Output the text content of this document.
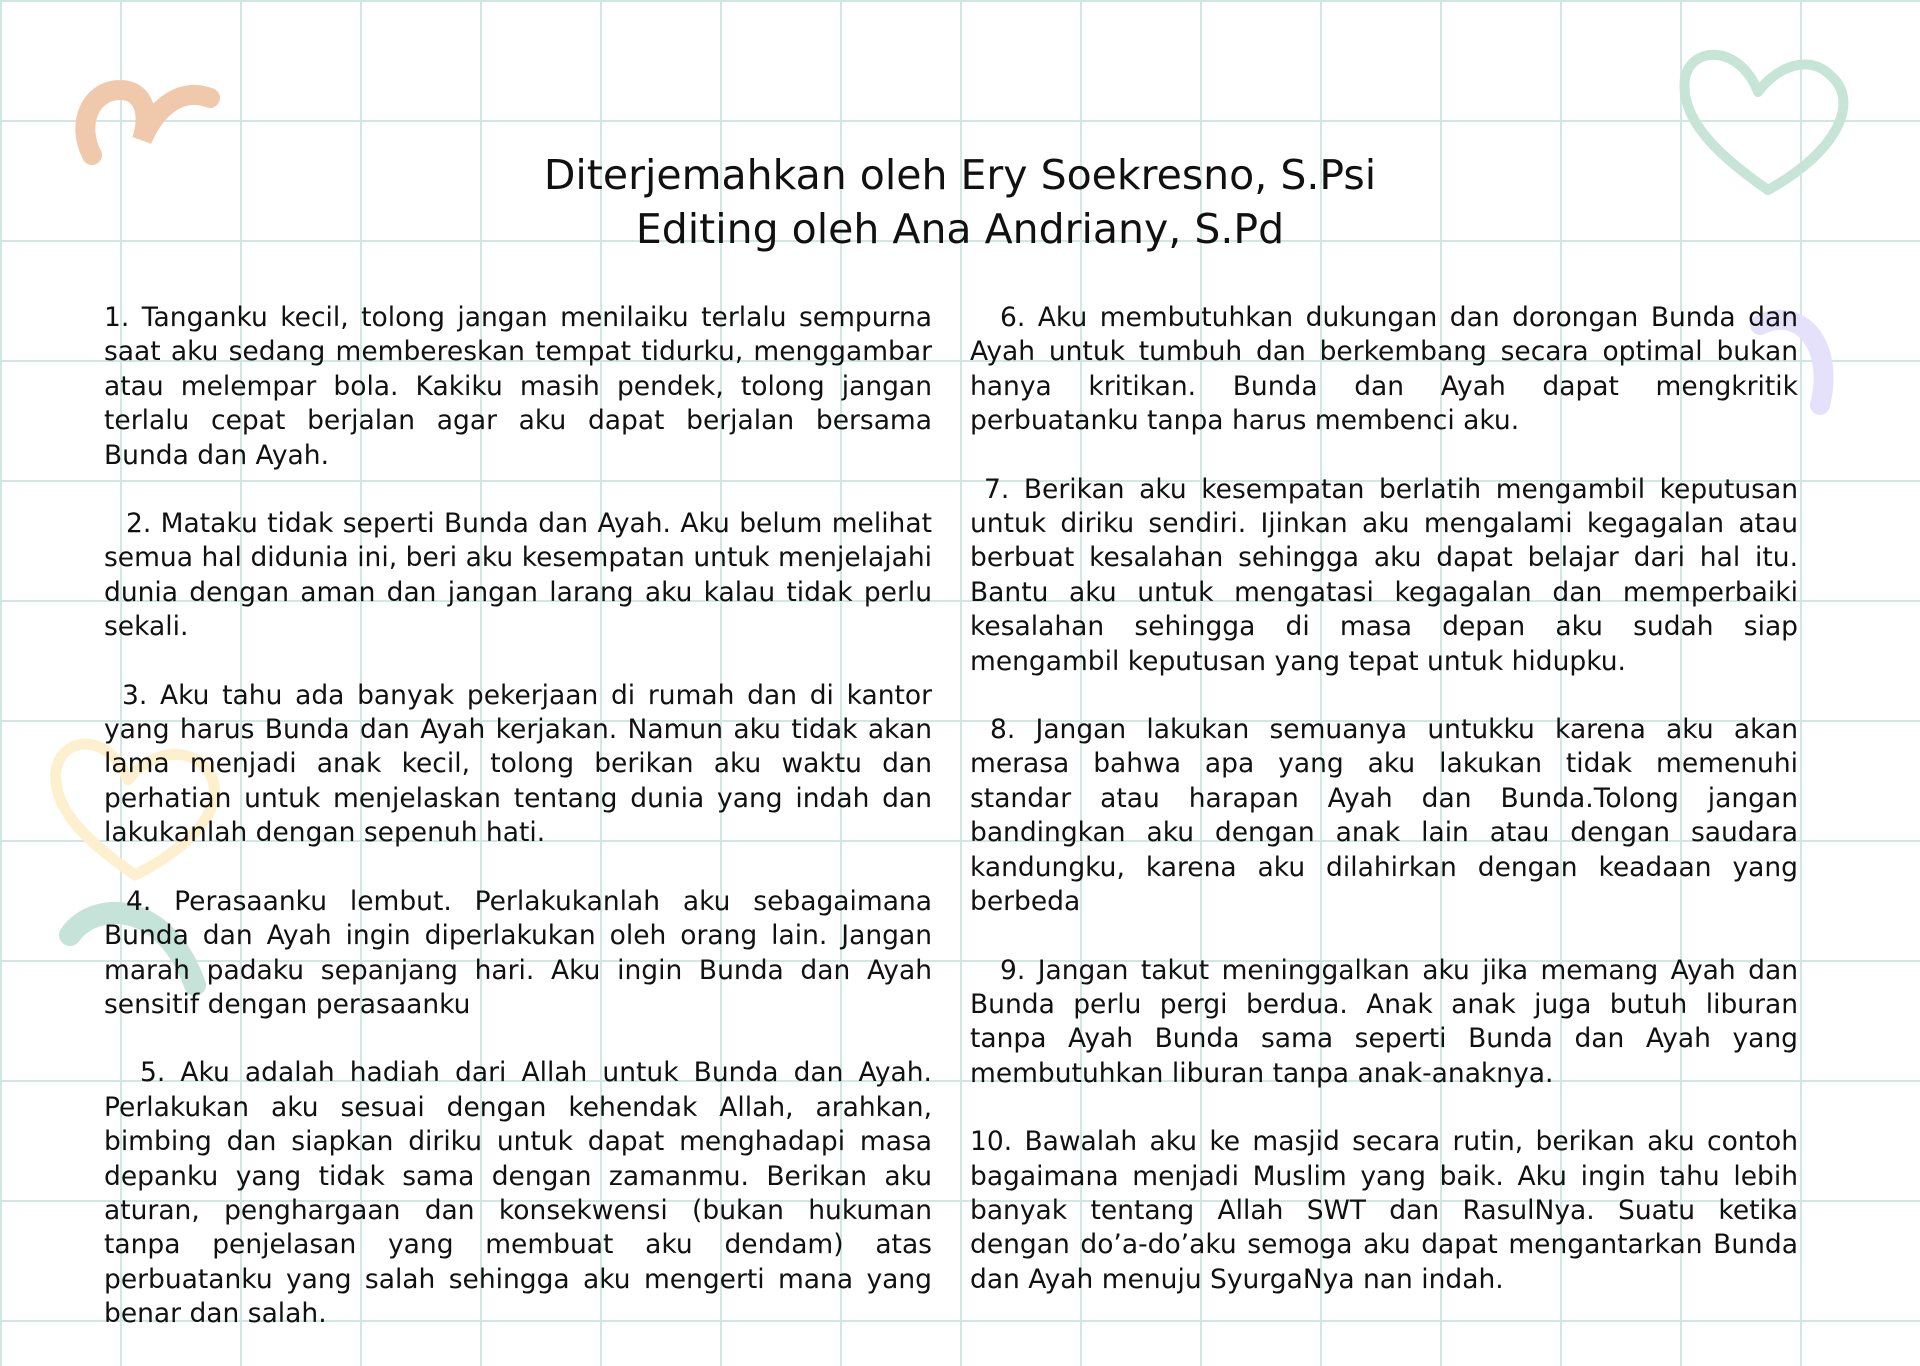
Diterjemahkan oleh Ery Soekresno, S.Psi
Editing oleh Ana Andriany, S.Pd

1. Tanganku kecil, tolong jangan menilaiku terlalu sempurna saat aku sedang membereskan tempat tidurku, menggambar atau melempar bola. Kakiku masih pendek, tolong jangan terlalu cepat berjalan agar aku dapat berjalan bersama Bunda dan Ayah.

2. Mataku tidak seperti Bunda dan Ayah. Aku belum melihat semua hal didunia ini, beri aku kesempatan untuk menjelajahi dunia dengan aman dan jangan larang aku kalau tidak perlu sekali.

3. Aku tahu ada banyak pekerjaan di rumah dan di kantor yang harus Bunda dan Ayah kerjakan. Namun aku tidak akan lama menjadi anak kecil, tolong berikan aku waktu dan perhatian untuk menjelaskan tentang dunia yang indah dan lakukanlah dengan sepenuh hati.

4. Perasaanku lembut. Perlakukanlah aku sebagaimana Bunda dan Ayah ingin diperlakukan oleh orang lain. Jangan marah padaku sepanjang hari. Aku ingin Bunda dan Ayah sensitif dengan perasaanku

5. Aku adalah hadiah dari Allah untuk Bunda dan Ayah. Perlakukan aku sesuai dengan kehendak Allah, arahkan, bimbing dan siapkan diriku untuk dapat menghadapi masa depanku yang tidak sama dengan zamanmu. Berikan aku aturan, penghargaan dan konsekwensi (bukan hukuman tanpa penjelasan yang membuat aku dendam) atas perbuatanku yang salah sehingga aku mengerti mana yang benar dan salah.

6. Aku membutuhkan dukungan dan dorongan Bunda dan Ayah untuk tumbuh dan berkembang secara optimal bukan hanya kritikan. Bunda dan Ayah dapat mengkritik perbuatanku tanpa harus membenci aku.

7. Berikan aku kesempatan berlatih mengambil keputusan untuk diriku sendiri. Ijinkan aku mengalami kegagalan atau berbuat kesalahan sehingga aku dapat belajar dari hal itu. Bantu aku untuk mengatasi kegagalan dan memperbaiki kesalahan sehingga di masa depan aku sudah siap mengambil keputusan yang tepat untuk hidupku.

8. Jangan lakukan semuanya untukku karena aku akan merasa bahwa apa yang aku lakukan tidak memenuhi standar atau harapan Ayah dan Bunda.Tolong jangan bandingkan aku dengan anak lain atau dengan saudara kandungku, karena aku dilahirkan dengan keadaan yang berbeda

9. Jangan takut meninggalkan aku jika memang Ayah dan Bunda perlu pergi berdua. Anak anak juga butuh liburan tanpa Ayah Bunda sama seperti Bunda dan Ayah yang membutuhkan liburan tanpa anak-anaknya.

10. Bawalah aku ke masjid secara rutin, berikan aku contoh bagaimana menjadi Muslim yang baik. Aku ingin tahu lebih banyak tentang Allah SWT dan RasulNya. Suatu ketika dengan do’a-do’aku semoga aku dapat mengantarkan Bunda dan Ayah menuju SyurgaNya nan indah.
